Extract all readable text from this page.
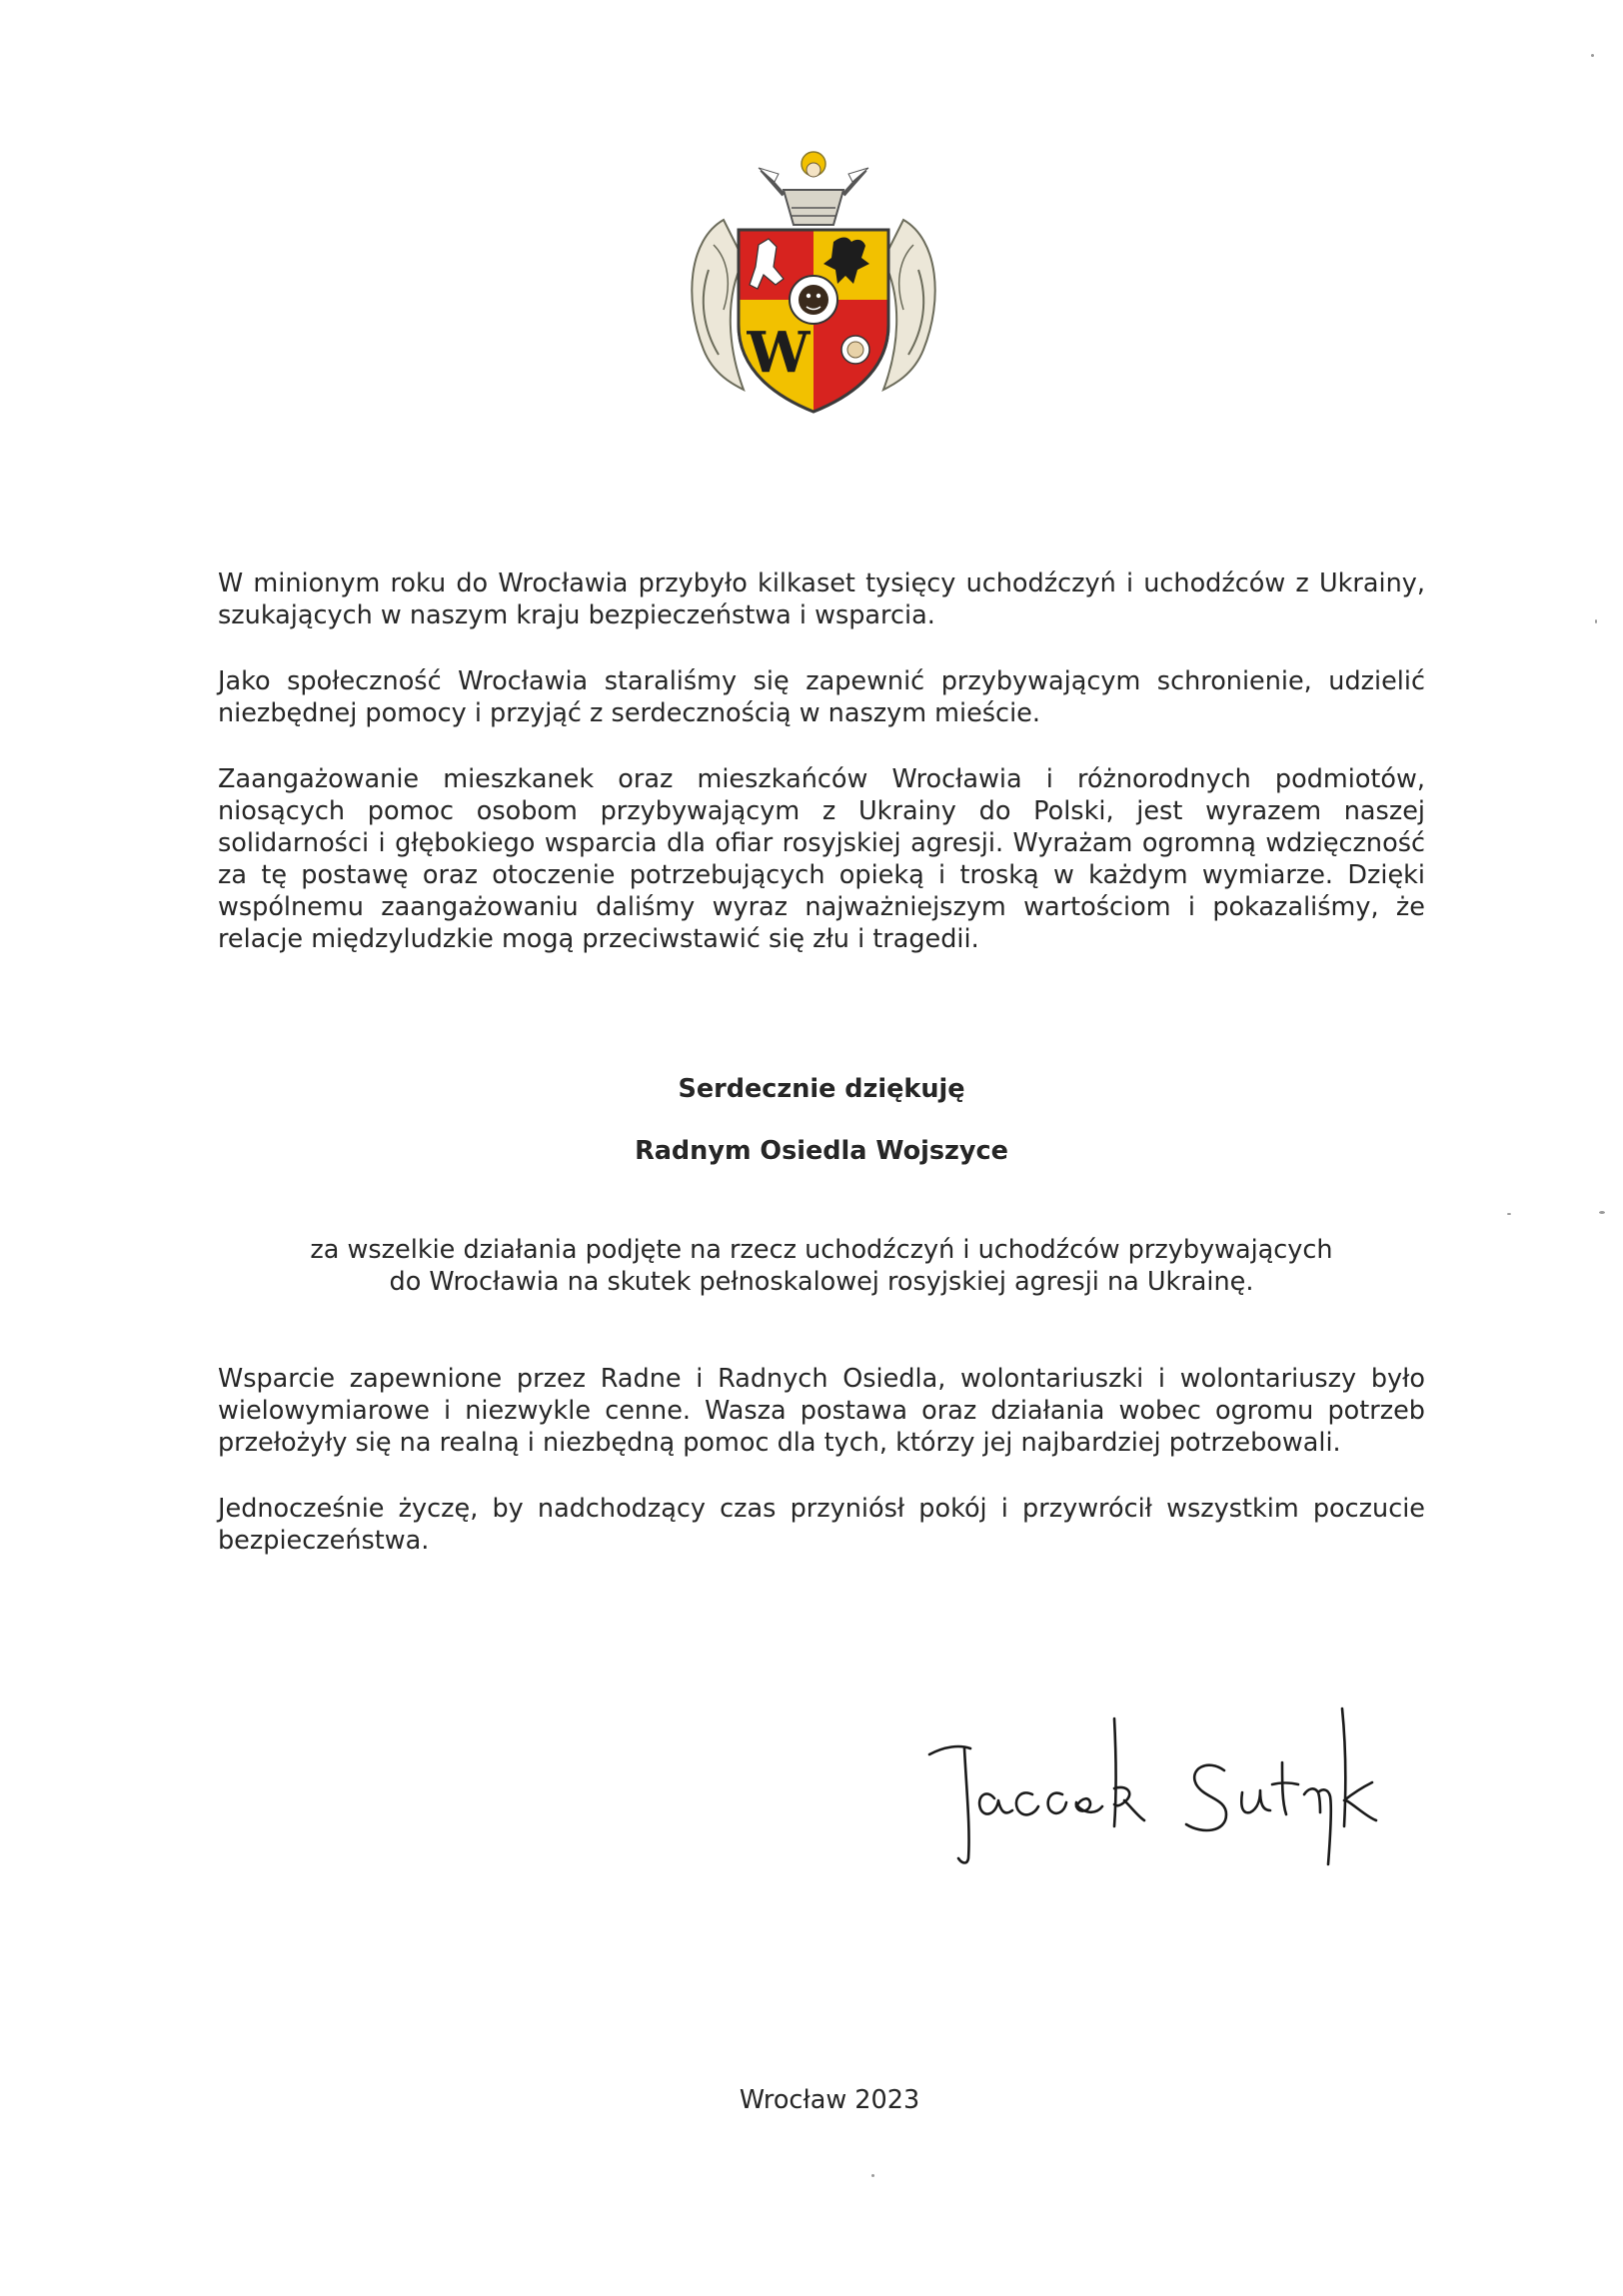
W

W minionym roku do Wrocławia przybyło kilkaset tysięcy uchodźczyń i uchodźców z Ukrainy, szukających w naszym kraju bezpieczeństwa i wsparcia.

Jako społeczność Wrocławia staraliśmy się zapewnić przybywającym schronienie, udzielić niezbędnej pomocy i przyjąć z serdecznością w naszym mieście.

Zaangażowanie mieszkanek oraz mieszkańców Wrocławia i różnorodnych podmiotów, niosących pomoc osobom przybywającym z Ukrainy do Polski, jest wyrazem naszej solidarności i głębokiego wsparcia dla ofiar rosyjskiej agresji. Wyrażam ogromną wdzięczność za tę postawę oraz otoczenie potrzebujących opieką i troską w każdym wymiarze. Dzięki wspólnemu zaangażowaniu daliśmy wyraz najważniejszym wartościom i pokazaliśmy, że relacje międzyludzkie mogą przeciwstawić się złu i tragedii.

Serdecznie dziękuję

Radnym Osiedla Wojszyce

za wszelkie działania podjęte na rzecz uchodźczyń i uchodźców przybywających

do Wrocławia na skutek pełnoskalowej rosyjskiej agresji na Ukrainę.

Wsparcie zapewnione przez Radne i Radnych Osiedla, wolontariuszki i wolontariuszy było wielowymiarowe i niezwykle cenne. Wasza postawa oraz działania wobec ogromu potrzeb przełożyły się na realną i niezbędną pomoc dla tych, którzy jej najbardziej potrzebowali.

Jednocześnie życzę, by nadchodzący czas przyniósł pokój i przywrócił wszystkim poczucie bezpieczeństwa.

Wrocław 2023
